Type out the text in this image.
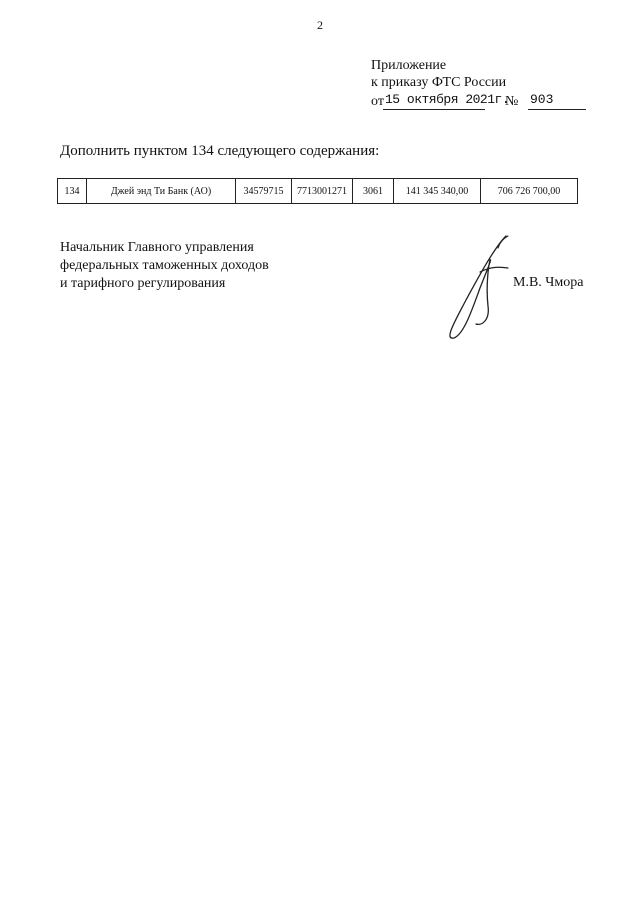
2
Приложение
к приказу ФТС России
от 15 октября 2021г.
№ 903
Дополнить пунктом 134 следующего содержания:
134	Джей энд Ти Банк (АО)	34579715	7713001271	3061	141 345 340,00	706 726 700,00
Начальник Главного управления
федеральных таможенных доходов
и тарифного регулирования	М.В. Чмора
